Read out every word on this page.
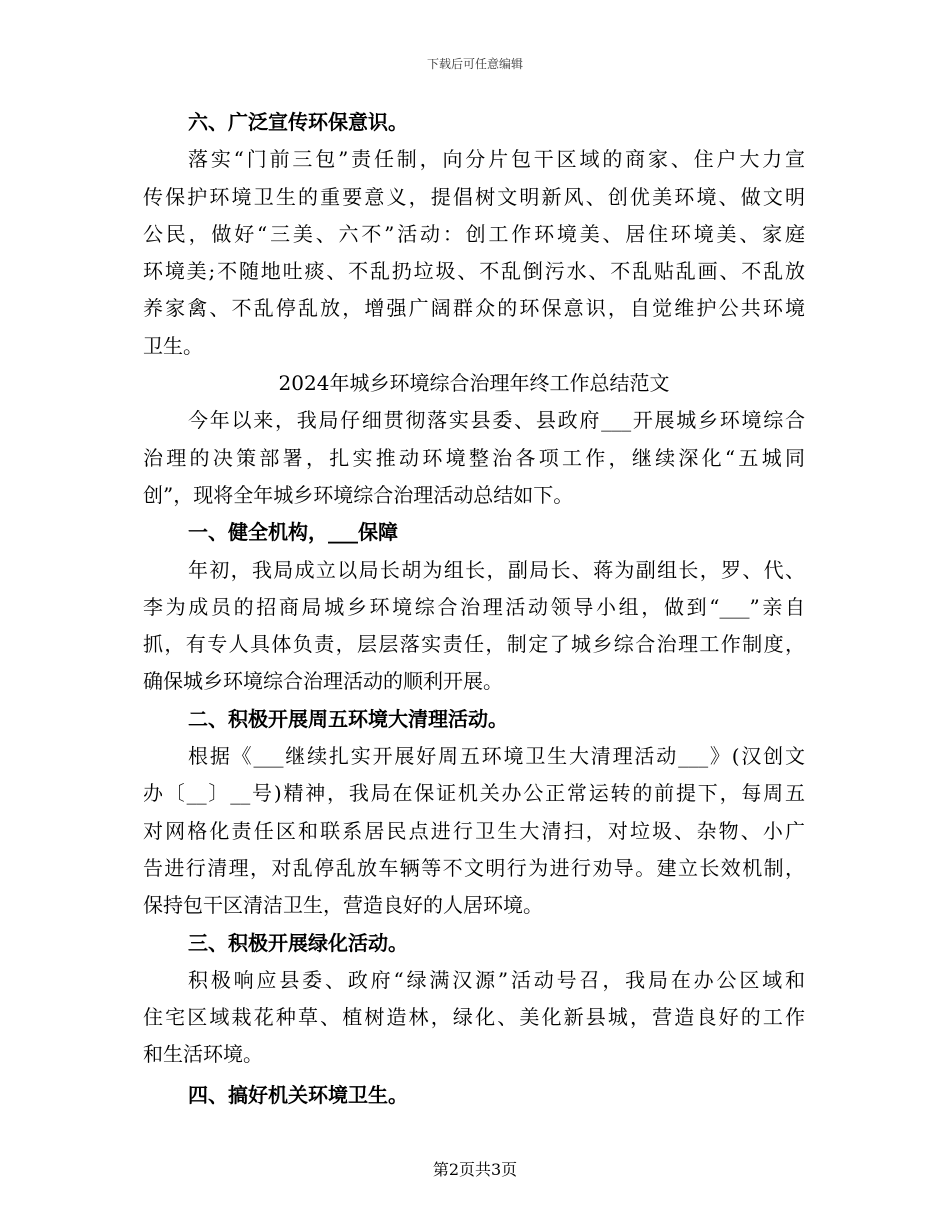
下载后可任意编辑
六、广泛宣传环保意识。
落实“门前三包”责任制，向分片包干区域的商家、住户大力宣
传保护环境卫生的重要意义，提倡树文明新风、创优美环境、做文明
公民，做好“三美、六不”活动：创工作环境美、居住环境美、家庭
环境美;不随地吐痰、不乱扔垃圾、不乱倒污水、不乱贴乱画、不乱放
养家禽、不乱停乱放，增强广阔群众的环保意识，自觉维护公共环境
卫生。
2024年城乡环境综合治理年终工作总结范文
今年以来，我局仔细贯彻落实县委、县政府___开展城乡环境综合
治理的决策部署，扎实推动环境整治各项工作，继续深化“五城同
创”，现将全年城乡环境综合治理活动总结如下。
一、健全机构，___保障
年初，我局成立以局长胡为组长，副局长、蒋为副组长，罗、代、
李为成员的招商局城乡环境综合治理活动领导小组，做到“___”亲自
抓，有专人具体负责，层层落实责任，制定了城乡综合治理工作制度，
确保城乡环境综合治理活动的顺利开展。
二、积极开展周五环境大清理活动。
根据《___继续扎实开展好周五环境卫生大清理活动___》(汉创文
办〔__〕__号)精神，我局在保证机关办公正常运转的前提下，每周五
对网格化责任区和联系居民点进行卫生大清扫，对垃圾、杂物、小广
告进行清理，对乱停乱放车辆等不文明行为进行劝导。建立长效机制，
保持包干区清洁卫生，营造良好的人居环境。
三、积极开展绿化活动。
积极响应县委、政府“绿满汉源”活动号召，我局在办公区域和
住宅区域栽花种草、植树造林，绿化、美化新县城，营造良好的工作
和生活环境。
四、搞好机关环境卫生。
第2页共3页
